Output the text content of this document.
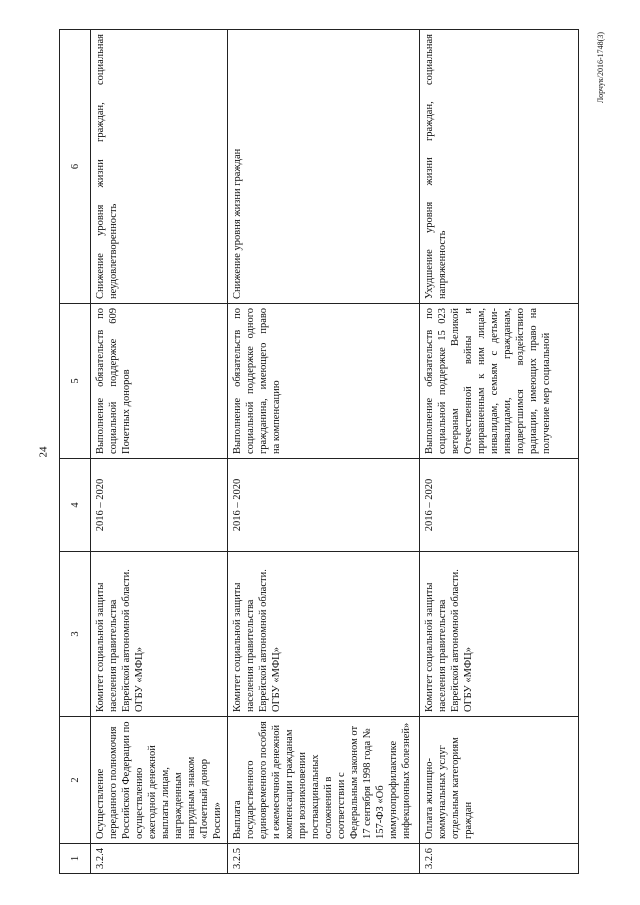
24
Лорчук/2016-1748(3)
1	2	3	4	5	6
3.2.4	Осуществление переданного полномочия Российской Федерации по осуществлению ежегодной денежной выплаты лицам, награжденным нагрудным знаком «Почетный донор России»	Комитет социальной защиты населения правительства Еврейской автономной области. ОГБУ «МФЦ»	2016 – 2020	Выполнение обязательств по социальной поддержке 609 Почетных доноров	Снижение уровня жизни граждан, социальная неудовлетворенность
3.2.5	Выплата государственного единовременного пособия и ежемесячной денежной компенсации гражданам при возникновении поствакцинальных осложнений в соответствии с Федеральным законом от 17 сентября 1998 года № 157-ФЗ «Об иммунопрофилактике инфекционных болезней»	Комитет социальной защиты населения правительства Еврейской автономной области. ОГБУ «МФЦ»	2016 – 2020	Выполнение обязательств по социальной поддержке одного гражданина, имеющего право на компенсацию	Снижение уровня жизни граждан
3.2.6	Оплата жилищно-коммунальных услуг отдельным категориям граждан	Комитет социальной защиты населения правительства Еврейской автономной области. ОГБУ «МФЦ»	2016 – 2020	Выполнение обязательств по социальной поддержке 15 023 ветеранам Великой Отечественной войны и приравненным к ним лицам, инвалидам, семьям с детьми-инвалидами, гражданам, подвергшимся воздействию радиации, имеющих право на получение мер социальной	Ухудшение уровня жизни граждан, социальная напряженность
